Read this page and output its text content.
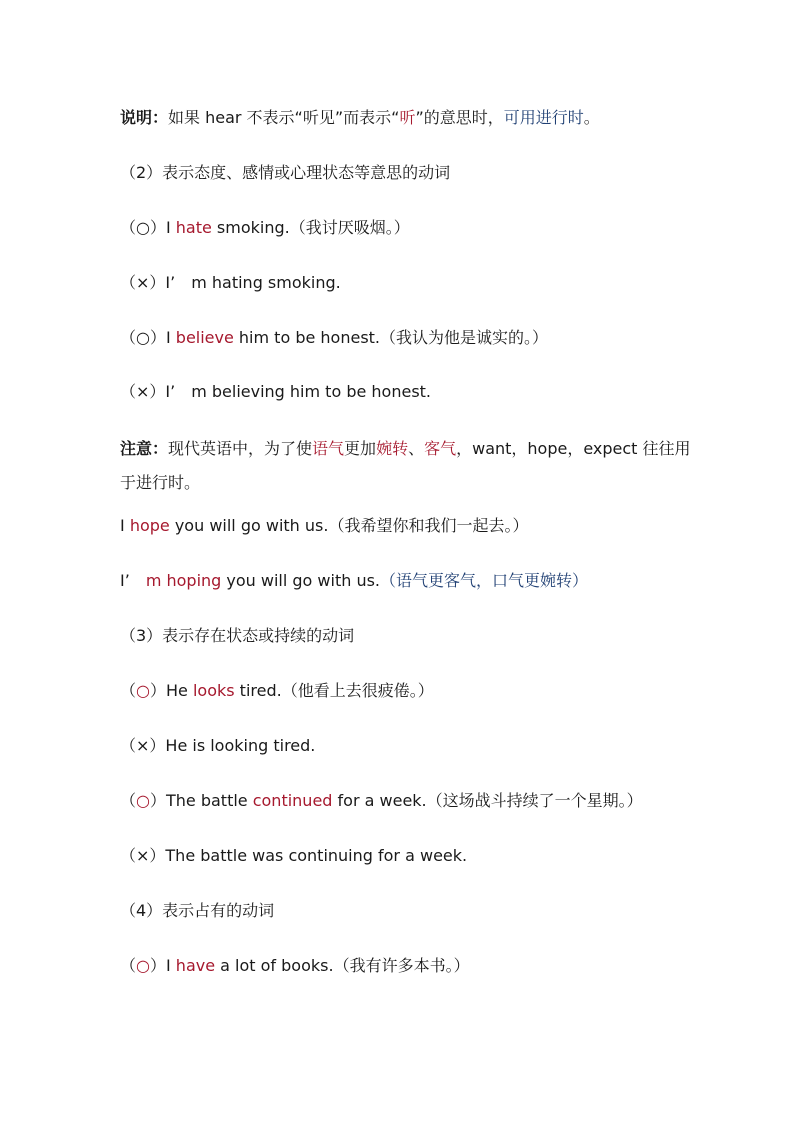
说明：如果 hear 不表示“听见”而表示“听”的意思时，可用进行时。
（2）表示态度、感情或心理状态等意思的动词
（○）I hate smoking.（我讨厌吸烟。）
（×）I’　m hating smoking.
（○）I believe him to be honest.（我认为他是诚实的。）
（×）I’　m believing him to be honest.
注意：现代英语中，为了使语气更加婉转、客气，want，hope，expect 往往用于进行时。
I hope you will go with us.（我希望你和我们一起去。）
I’　m hoping you will go with us.（语气更客气，口气更婉转）
（3）表示存在状态或持续的动词
（○）He looks tired.（他看上去很疲倦。）
（×）He is looking tired.
（○）The battle continued for a week.（这场战斗持续了一个星期。）
（×）The battle was continuing for a week.
（4）表示占有的动词
（○）I have a lot of books.（我有许多本书。）
